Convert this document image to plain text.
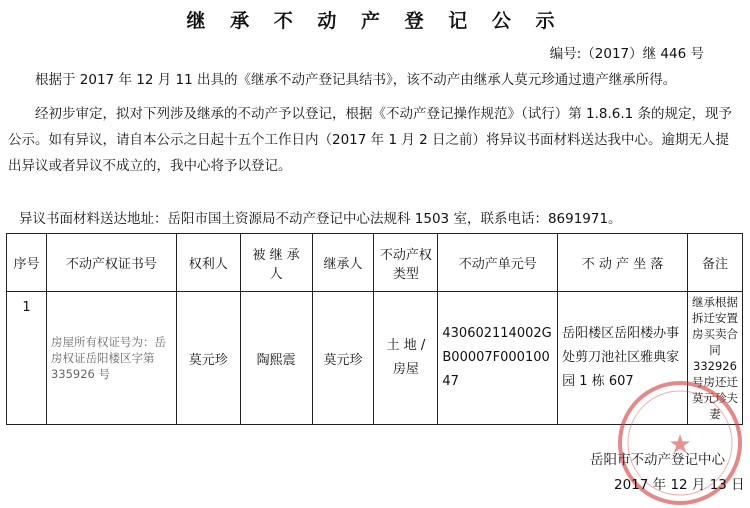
继 承 不 动 产 登 记 公 示
编号:（2017）继 446 号
根据于 2017 年 12 月 11 出具的《继承不动产登记具结书》，该不动产由继承人莫元珍通过遗产继承所得。
经初步审定，拟对下列涉及继承的不动产予以登记，根据《不动产登记操作规范》（试行）第 1.8.6.1 条的规定，现予公示。如有异议，请自本公示之日起十五个工作日内（2017 年 1 月 2 日之前）将异议书面材料送达我中心。逾期无人提出异议或者异议不成立的，我中心将予以登记。
异议书面材料送达地址：岳阳市国土资源局不动产登记中心法规科 1503 室，联系电话：8691971。
序号	不动产权证书号	权利人	被 继 承 人	继承人	不动产权类型	不动产单元号	不 动 产 坐 落	备注
1	房屋所有权证号为：岳房权证岳阳楼区字第 335926 号	莫元珍	陶熙震	莫元珍	土 地 / 房屋	430602114002GB00007F00010047	岳阳楼区岳阳楼办事处剪刀池社区雅典家园 1 栋 607	继承根据拆迁安置房买卖合同 332926 号房还迁莫元珍夫妻
★
岳阳市不动产登记中心
2017 年 12 月 13 日
